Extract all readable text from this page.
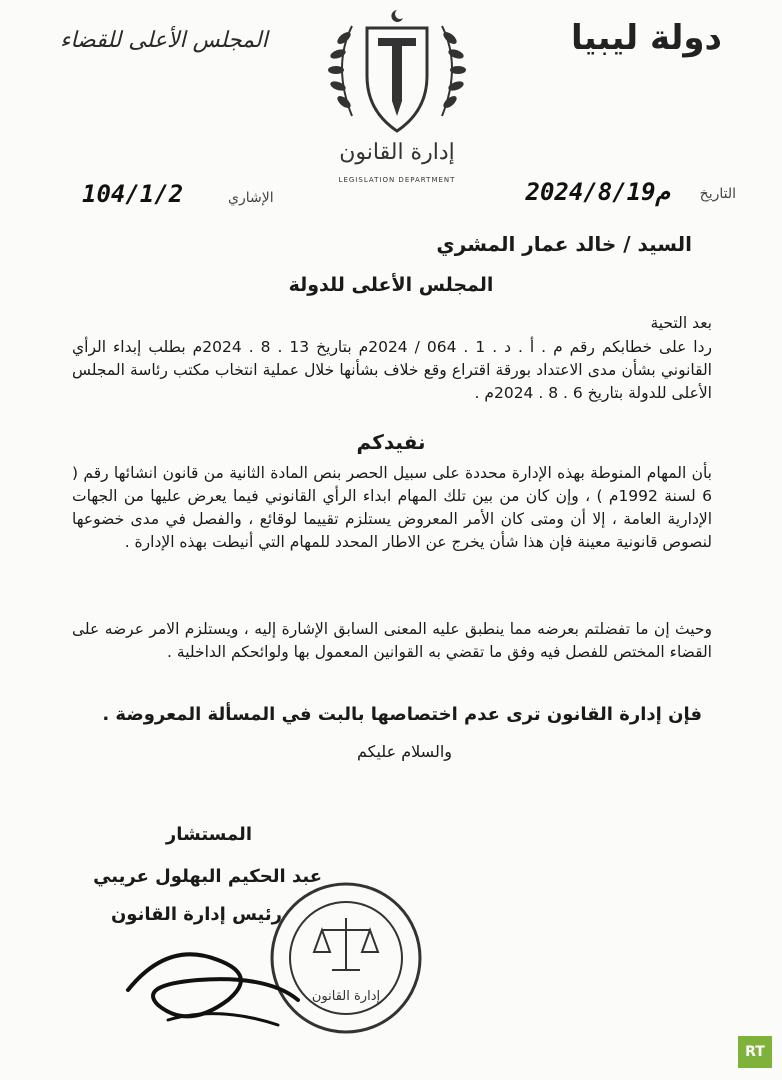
دولة ليبيا
المجلس الأعلى للقضاء
إدارة القانون
LEGISLATION DEPARTMENT
التاريخ
2024/8/19م
الإشاري
104/1/2
السيد / خالد عمار المشري
المجلس الأعلى للدولة
بعد التحية
ردا على خطابكم رقم م . أ . د . 1 . 064 / 2024م بتاريخ 13 . 8 . 2024م بطلب إبداء الرأي القانوني بشأن مدى الاعتداد بورقة اقتراع وقع خلاف بشأنها خلال عملية انتخاب مكتب رئاسة المجلس الأعلى للدولة بتاريخ 6 . 8 . 2024م .
نفيدكم
بأن المهام المنوطة بهذه الإدارة محددة على سبيل الحصر بنص المادة الثانية من قانون انشائها رقم ( 6 لسنة 1992م ) ، وإن كان من بين تلك المهام ابداء الرأي القانوني فيما يعرض عليها من الجهات الإدارية العامة ، إلا أن ومتى كان الأمر المعروض يستلزم تقييما لوقائع ، والفصل في مدى خضوعها لنصوص قانونية معينة فإن هذا شأن يخرج عن الاطار المحدد للمهام التي أنيطت بهذه الإدارة .
وحيث إن ما تفضلتم بعرضه مما ينطبق عليه المعنى السابق الإشارة إليه ، ويستلزم الامر عرضه على القضاء المختص للفصل فيه وفق ما تقضي به القوانين المعمول بها ولوائحكم الداخلية .
فإن إدارة القانون ترى عدم اختصاصها بالبت في المسألة المعروضة .
والسلام عليكم
المستشار
عبد الحكيم البهلول عريبي
رئيس إدارة القانون
إدارة القانون
RT
